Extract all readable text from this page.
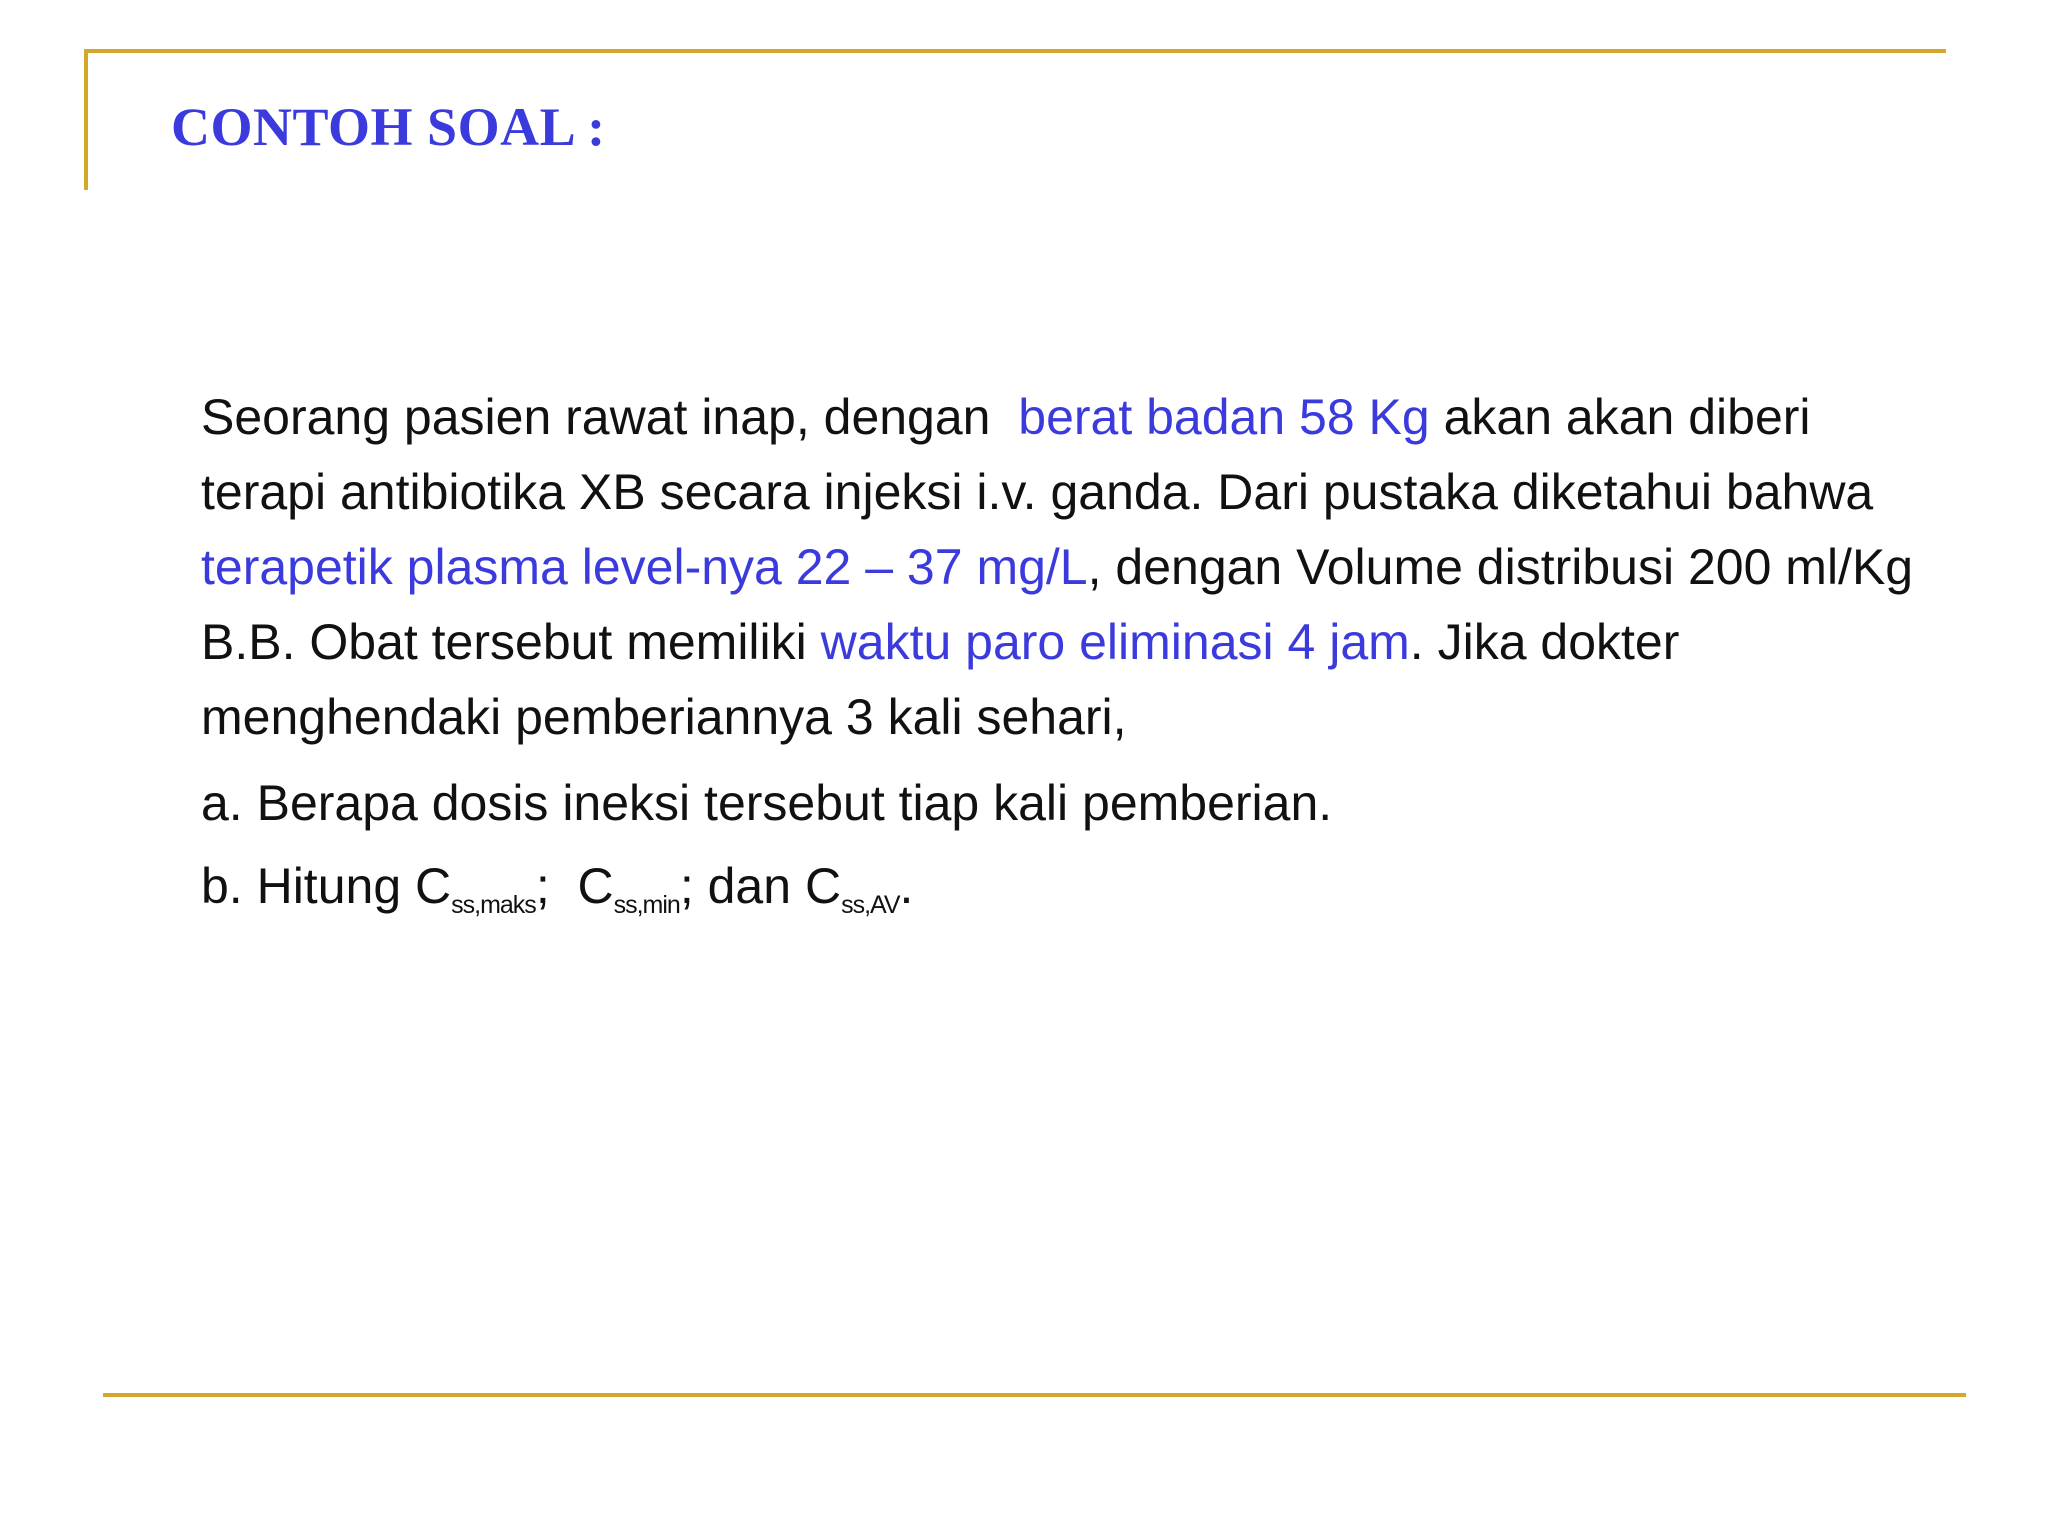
CONTOH SOAL :

Seorang pasien rawat inap, dengan  berat badan 58 Kg akan akan diberi terapi antibiotika XB secara injeksi i.v. ganda. Dari pustaka diketahui bahwa terapetik plasma level-nya 22 – 37 mg/L, dengan Volume distribusi 200 ml/Kg B.B. Obat tersebut memiliki waktu paro eliminasi 4 jam. Jika dokter menghendaki pemberiannya 3 kali sehari,

a. Berapa dosis ineksi tersebut tiap kali pemberian.

b. Hitung $C_{ss,maks}$;  $C_{ss,min}$; dan $C_{ss,AV}$.
